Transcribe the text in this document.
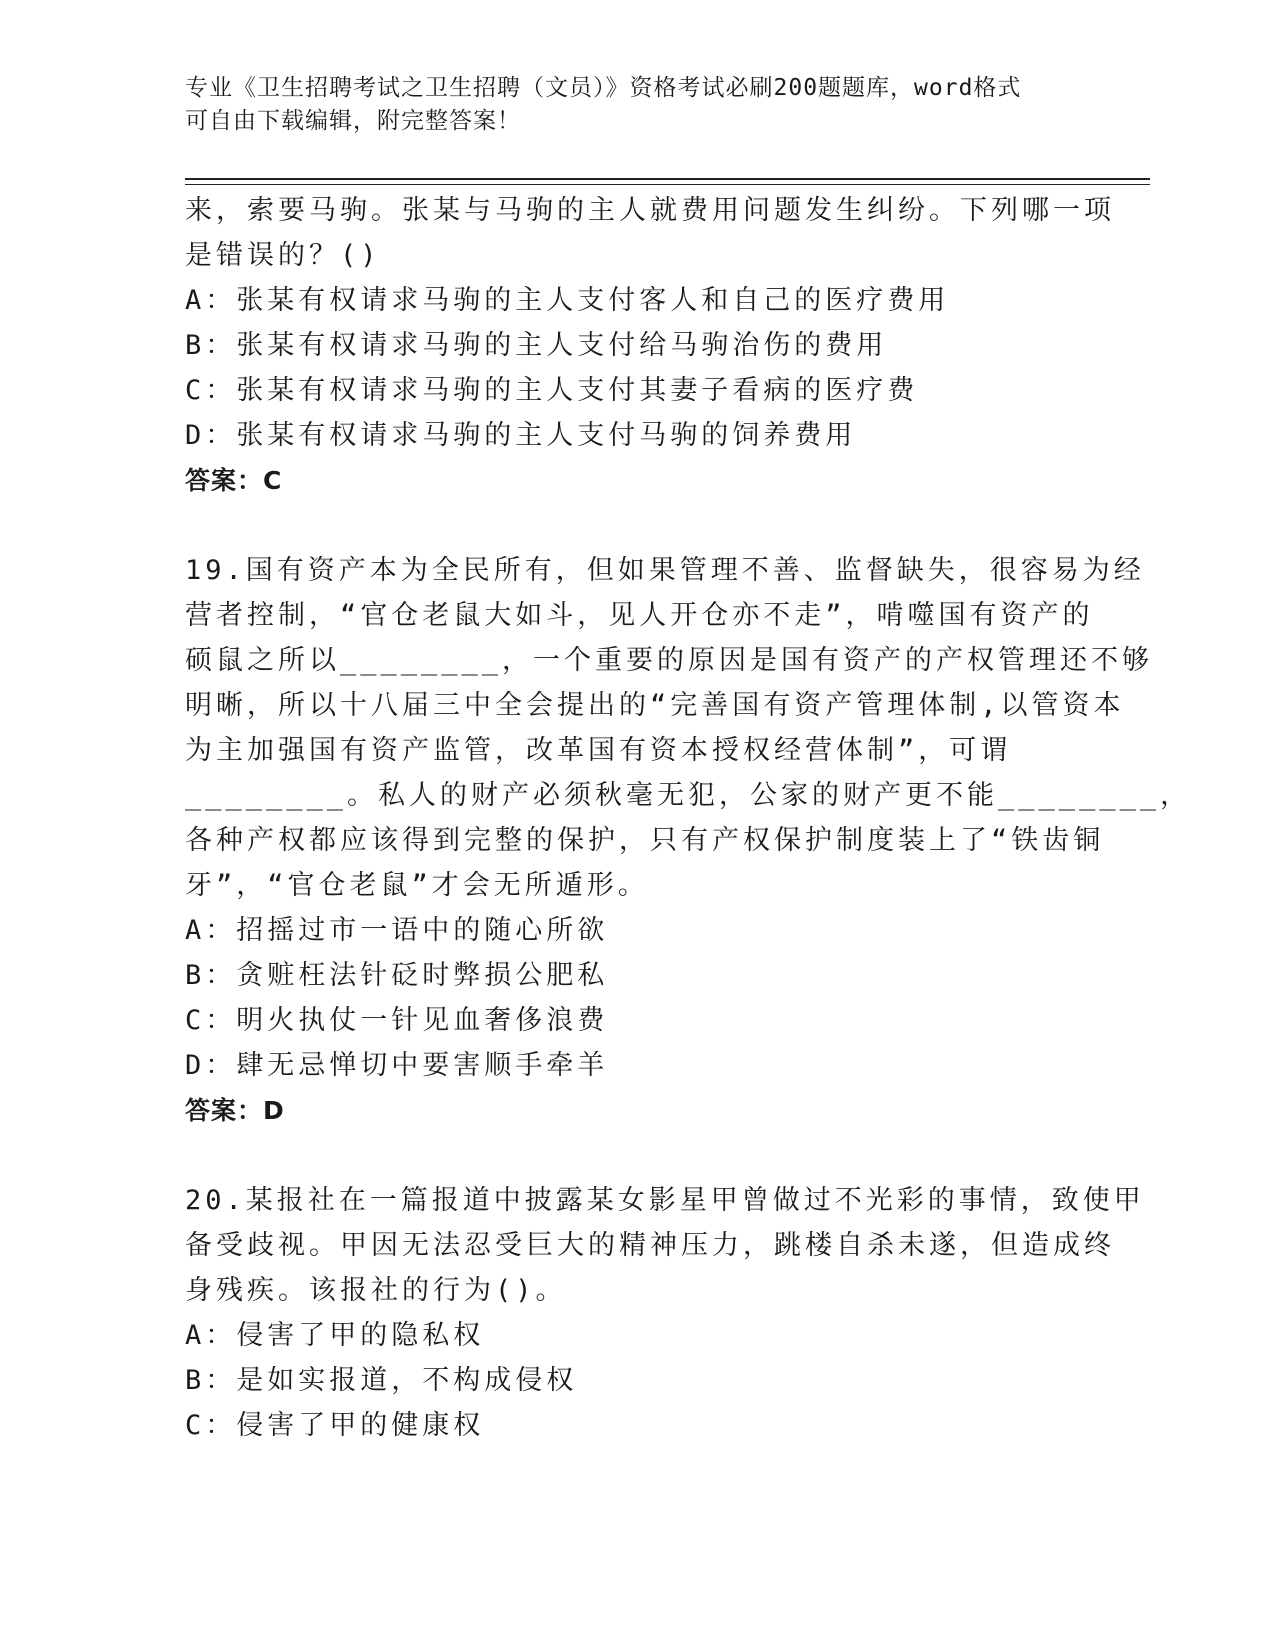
专业《卫生招聘考试之卫生招聘（文员）》资格考试必刷200题题库，word格式
可自由下载编辑，附完整答案！
来，索要马驹。张某与马驹的主人就费用问题发生纠纷。下列哪一项
是错误的？()
A：张某有权请求马驹的主人支付客人和自己的医疗费用
B：张某有权请求马驹的主人支付给马驹治伤的费用
C：张某有权请求马驹的主人支付其妻子看病的医疗费
D：张某有权请求马驹的主人支付马驹的饲养费用
答案：C
19.国有资产本为全民所有，但如果管理不善、监督缺失，很容易为经
营者控制，“官仓老鼠大如斗，见人开仓亦不走”，啃噬国有资产的
硕鼠之所以________，一个重要的原因是国有资产的产权管理还不够
明晰，所以十八届三中全会提出的“完善国有资产管理体制,以管资本
为主加强国有资产监管，改革国有资本授权经营体制”，可谓
________。私人的财产必须秋毫无犯，公家的财产更不能________，
各种产权都应该得到完整的保护，只有产权保护制度装上了“铁齿铜
牙”，“官仓老鼠”才会无所遁形。
A：招摇过市一语中的随心所欲
B：贪赃枉法针砭时弊损公肥私
C：明火执仗一针见血奢侈浪费
D：肆无忌惮切中要害顺手牵羊
答案：D
20.某报社在一篇报道中披露某女影星甲曾做过不光彩的事情，致使甲
备受歧视。甲因无法忍受巨大的精神压力，跳楼自杀未遂，但造成终
身残疾。该报社的行为()。
A：侵害了甲的隐私权
B：是如实报道，不构成侵权
C：侵害了甲的健康权
